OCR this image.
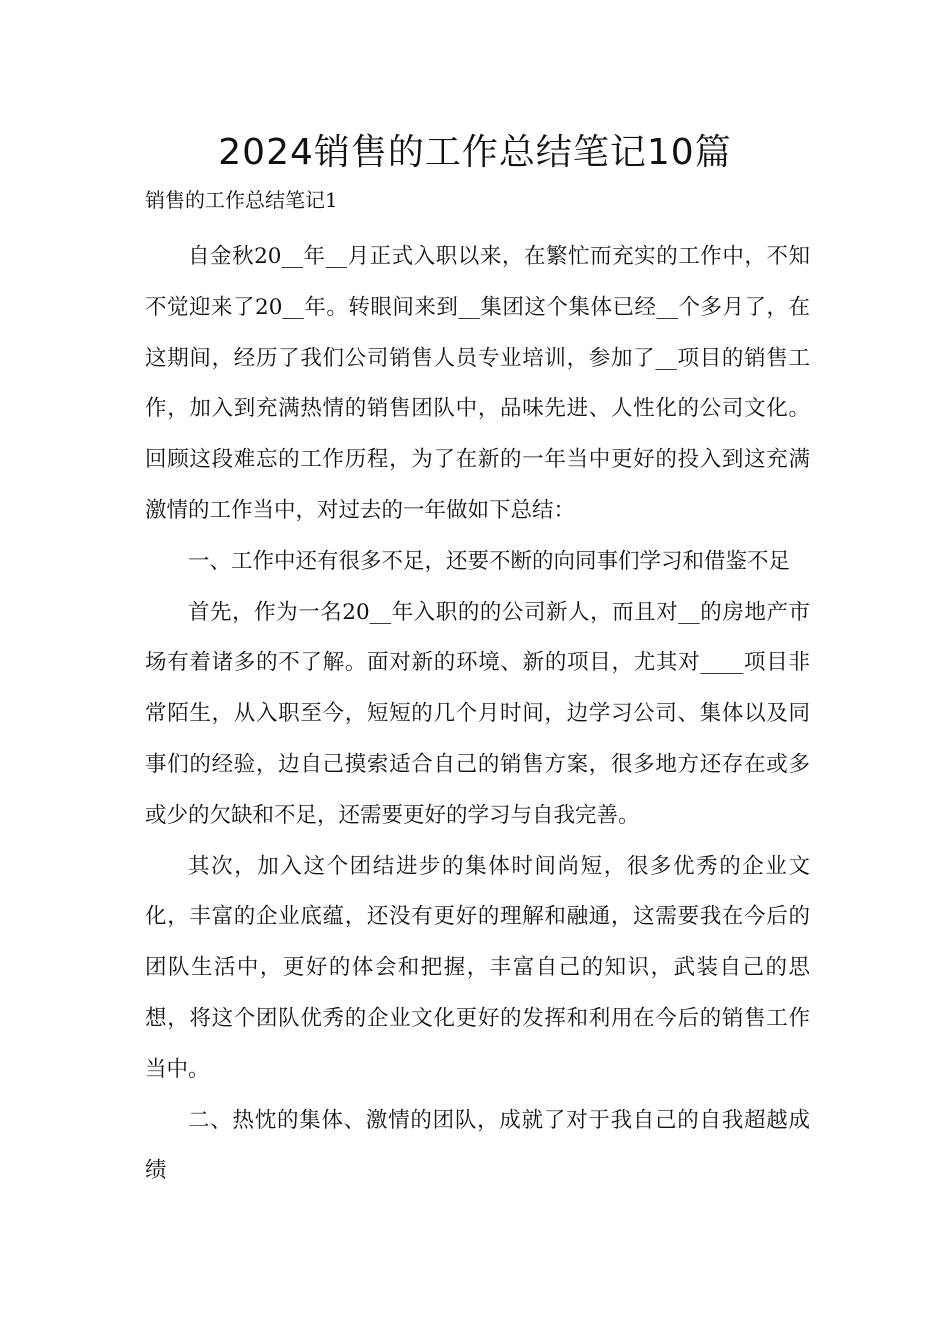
2024销售的工作总结笔记10篇
销售的工作总结笔记1

自金秋20__年__月正式入职以来，在繁忙而充实的工作中，不知不觉迎来了20__年。转眼间来到__集团这个集体已经__个多月了，在这期间，经历了我们公司销售人员专业培训，参加了__项目的销售工作，加入到充满热情的销售团队中，品味先进、人性化的公司文化。回顾这段难忘的工作历程，为了在新的一年当中更好的投入到这充满激情的工作当中，对过去的一年做如下总结：

一、工作中还有很多不足，还要不断的向同事们学习和借鉴不足

首先，作为一名20__年入职的的公司新人，而且对__的房地产市场有着诸多的不了解。面对新的环境、新的项目，尤其对____项目非常陌生，从入职至今，短短的几个月时间，边学习公司、集体以及同事们的经验，边自己摸索适合自己的销售方案，很多地方还存在或多或少的欠缺和不足，还需要更好的学习与自我完善。

其次，加入这个团结进步的集体时间尚短，很多优秀的企业文化，丰富的企业底蕴，还没有更好的理解和融通，这需要我在今后的团队生活中，更好的体会和把握，丰富自己的知识，武装自己的思想，将这个团队优秀的企业文化更好的发挥和利用在今后的销售工作当中。

二、热忱的集体、激情的团队，成就了对于我自己的自我超越成绩
